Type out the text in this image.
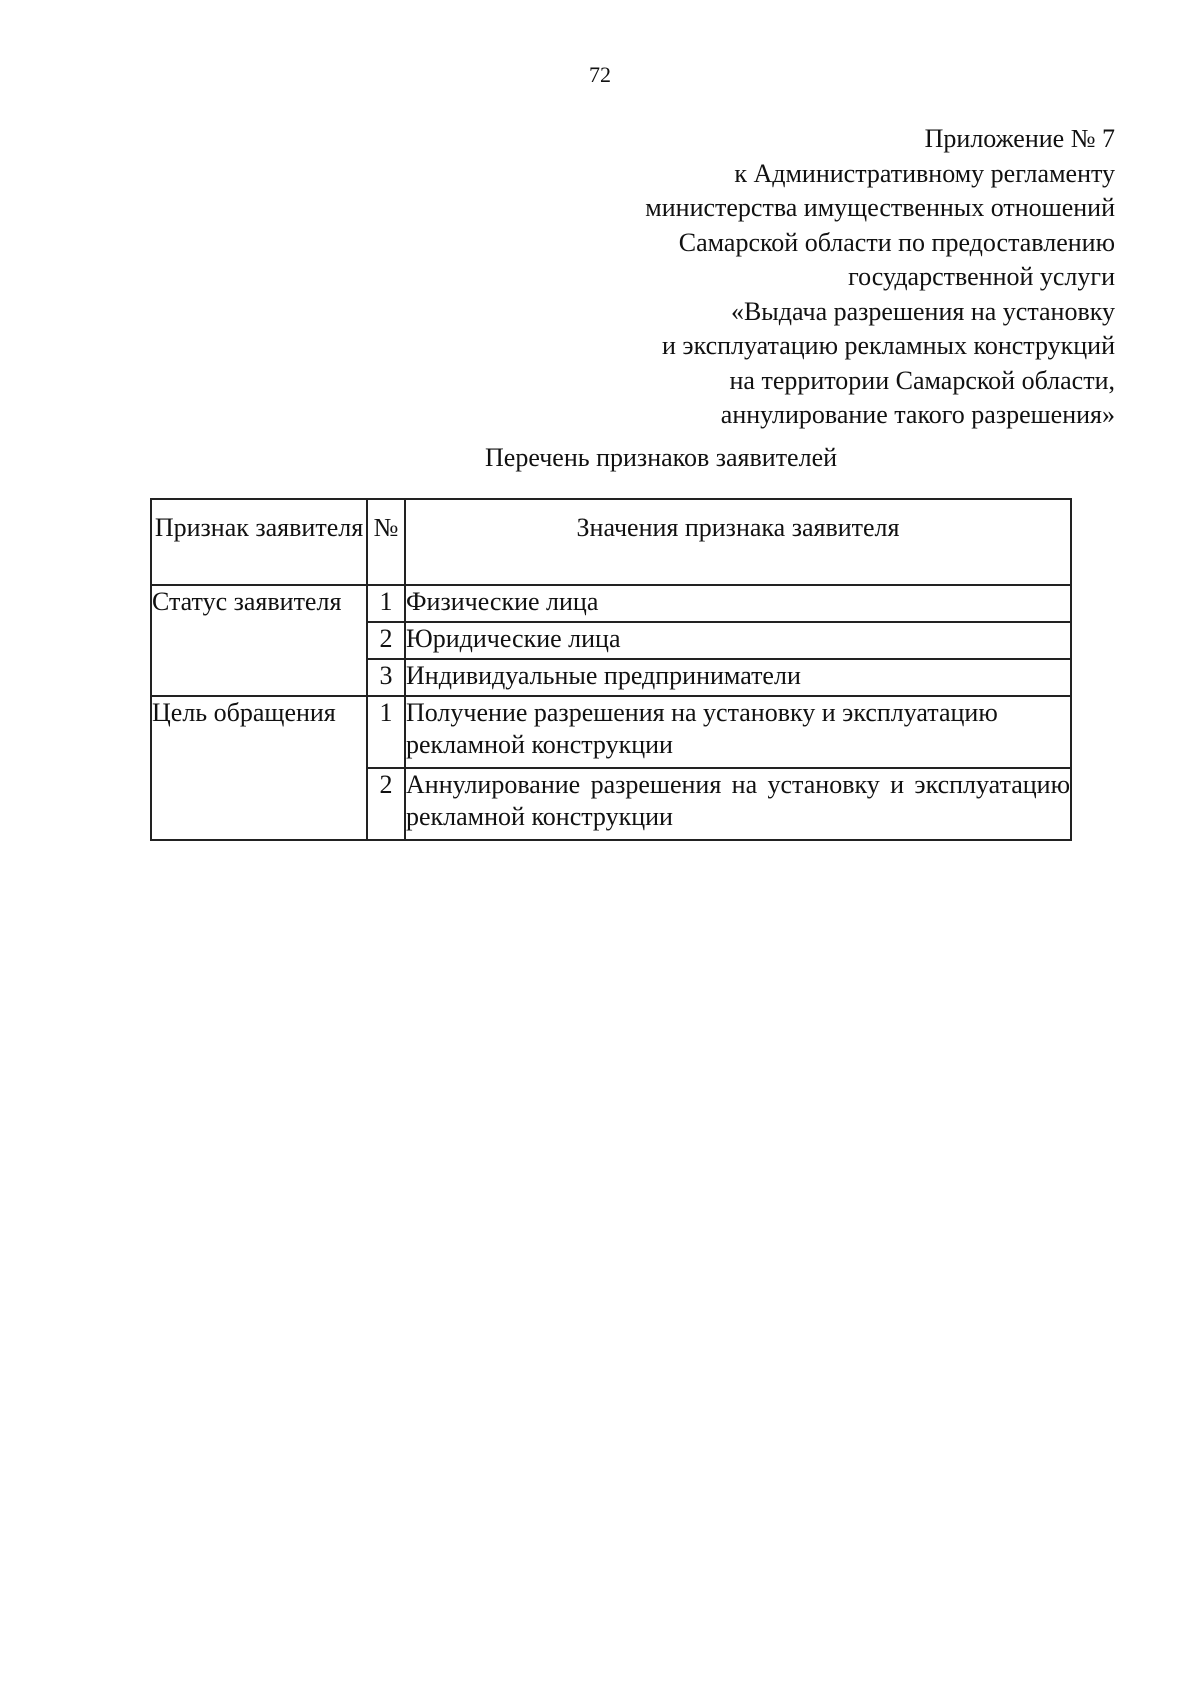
72
Приложение № 7
к Административному регламенту
министерства имущественных отношений
Самарской области по предоставлению
государственной услуги
«Выдача разрешения на установку
и эксплуатацию рекламных конструкций
на территории Самарской области,
аннулирование такого разрешения»
Перечень признаков заявителей
Признак заявителя	№	Значения признака заявителя
Статус заявителя	1	Физические лица
	2	Юридические лица
	3	Индивидуальные предприниматели
Цель обращения	1	Получение разрешения на установку и эксплуатацию рекламной конструкции
	2	Аннулирование разрешения на установку и эксплуатацию рекламной конструкции
